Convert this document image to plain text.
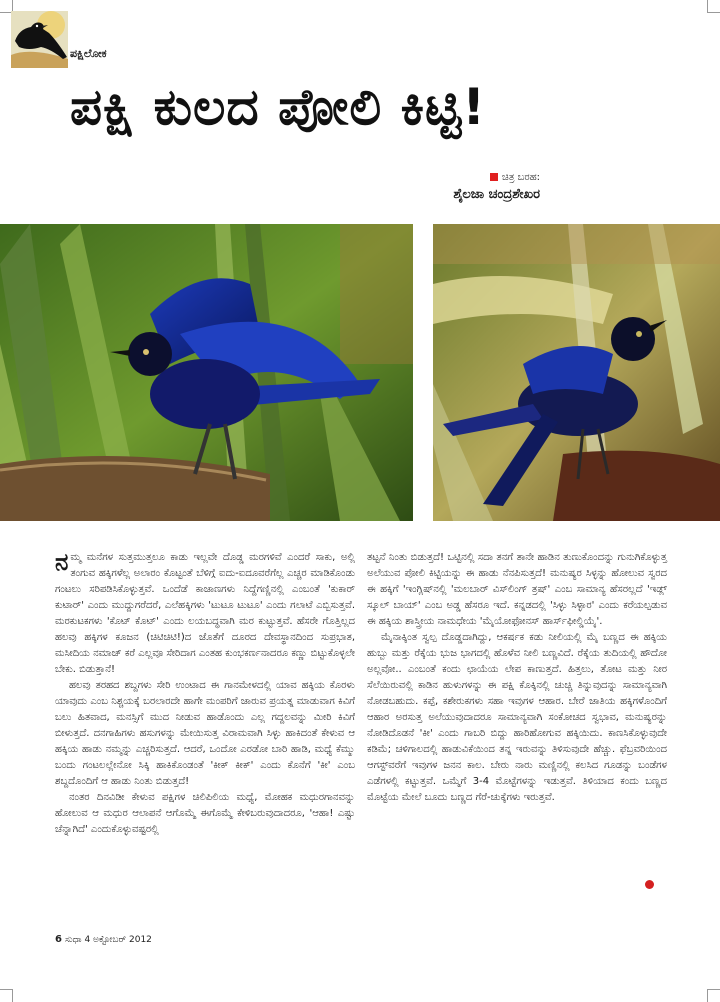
ಪಕ್ಷಿಲೋಕ
ಪಕ್ಷಿ ಕುಲದ ಪೋಲಿ ಕಿಟ್ಟಿ!
ಚಿತ್ರ ಬರಹ:
ಶೈಲಜಾ ಚಂದ್ರಶೇಖರ

ನಮ್ಮ ಮನೆಗಳ ಸುತ್ತಮುತ್ತಲೂ ಕಾಡು ಇಲ್ಲವೇ ದೊಡ್ಡ ಮರಗಳಿವೆ ಎಂದರೆ ಸಾಕು, ಅಲ್ಲಿ ತಂಗುವ ಹಕ್ಕಿಗಳೆಲ್ಲ ಅಲಾರಂ ಕೊಟ್ಟಂತೆ ಬೆಳಿಗ್ಗೆ ಐದು-ಐದೂವರೆಗೆಲ್ಲ ಎಚ್ಚರ ಮಾಡಿಕೊಂಡು ಗಂಟಲು ಸರಿಪಡಿಸಿಕೊಳ್ಳುತ್ತವೆ. ಒಂದೆಡೆ ಕಾಜಾಣಗಳು ನಿದ್ದೆಗಣ್ಣಿನಲ್ಲಿ ಎಂಬಂತೆ 'ಕುಕಾರ್ ಕುಟಾರ್' ಎಂದು ಮುದ್ದುಗರೆದರೆ, ಎಲೆಹಕ್ಕಿಗಳು 'ಟುಟೂ ಟುಟೂ' ಎಂದು ಗಲಾಟೆ ಎಬ್ಬಿಸುತ್ತವೆ. ಮರಕುಟಕಗಳು 'ಕೊಟ್ ಕೊಟ್' ಎಂದು ಲಯಬದ್ಧವಾಗಿ ಮರ ಕುಟ್ಟುತ್ತವೆ. ಹೆಸರೇ ಗೊತ್ತಿಲ್ಲದ ಹಲವು ಹಕ್ಕಿಗಳ ಕೂಜನ (ಚಿಟಿಚಿಟಿ!)ದ ಜೊತೆಗೆ ದೂರದ ದೇವಸ್ಥಾನದಿಂದ ಸುಪ್ರಭಾತ, ಮಸೀದಿಯ ನಮಾಜ್ ಕರೆ ಎಲ್ಲವೂ ಸೇರಿದಾಗ ಎಂತಹ ಕುಂಭಕರ್ಣನಾದರೂ ಕಣ್ಣು ಬಿಟ್ಟುಕೊಳ್ಳಲೇ ಬೇಕು. ಬಿಡುತ್ತಾನೆ!

ಹಲವು ತರಹದ ಶಬ್ದಗಳು ಸೇರಿ ಉಂಟಾದ ಈ ಗಾನಮೇಳದಲ್ಲಿ ಯಾವ ಹಕ್ಕಿಯ ಕೊರಳು ಯಾವುದು ಎಂಬ ನಿಶ್ಚಯಕ್ಕೆ ಬರಲಾರದೇ ಹಾಗೇ ಮಂಪರಿಗೆ ಜಾರುವ ಪ್ರಯತ್ನ ಮಾಡುವಾಗ ಕಿವಿಗೆ ಬಲು ಹಿತವಾದ, ಮನಸ್ಸಿಗೆ ಮುದ ನೀಡುವ ಹಾಡೊಂದು ಎಲ್ಲ ಗದ್ದಲವನ್ನು ಮೀರಿ ಕಿವಿಗೆ ಬೀಳುತ್ತದೆ. ದನಗಾಹಿಗಳು ಹಸುಗಳನ್ನು ಮೇಯಿಸುತ್ತ ವಿರಾಮವಾಗಿ ಸಿಳ್ಳು ಹಾಕಿದಂತೆ ಕೇಳುವ ಆ ಹಕ್ಕಿಯ ಹಾಡು ನಮ್ಮನ್ನು ಎಚ್ಚರಿಸುತ್ತದೆ. ಆದರೆ, ಒಂದೋ ಎರಡೋ ಬಾರಿ ಹಾಡಿ, ಮಧ್ಯೆ ಕೆಮ್ಮು ಬಂದು ಗಂಟಲಲ್ಲೇನೋ ಸಿಕ್ಕಿ ಹಾಕಿಕೊಂಡಂತೆ 'ಕೀಕ್ ಕೀಕ್' ಎಂದು ಕೊನೆಗೆ 'ಕೀ' ಎಂಬ ಶಬ್ದದೊಂದಿಗೆ ಆ ಹಾಡು ನಿಂತು ಬಿಡುತ್ತದೆ!

ನಂತರ ದಿನವಿಡೀ ಕೇಳುವ ಪಕ್ಷಿಗಳ ಚಿಲಿಪಿಲಿಯ ಮಧ್ಯೆ, ಮೋಹಕ ಮಧುರಗಾನವನ್ನು ಹೋಲುವ ಆ ಮಧುರ ಆಲಾಪನೆ ಆಗೊಮ್ಮೆ ಈಗೊಮ್ಮೆ ಕೇಳಿಬರುವುದಾದರೂ, 'ಆಹಾ! ಎಷ್ಟು ಚೆನ್ನಾಗಿದೆ' ಎಂದುಕೊಳ್ಳುವಷ್ಟರಲ್ಲಿ

ತಟ್ಟನೆ ನಿಂತು ಬಿಡುತ್ತದೆ! ಒಟ್ಟಿನಲ್ಲಿ ಸದಾ ತನಗೆ ತಾನೇ ಹಾಡಿನ ತುಣುಕೊಂದನ್ನು ಗುನುಗಿಕೊಳ್ಳುತ್ತ ಅಲೆಯುವ ಪೋಲಿ ಕಿಟ್ಟಿಯನ್ನು ಈ ಹಾಡು ನೆನಪಿಸುತ್ತದೆ! ಮನುಷ್ಯರ ಸಿಳ್ಳನ್ನು ಹೋಲುವ ಸ್ವರದ ಈ ಹಕ್ಕಿಗೆ 'ಇಂಗ್ಲಿಷ್‌ನಲ್ಲಿ 'ಮಲಬಾರ್ ವಿಸ್‌ಲಿಂಗ್ ತ್ರಷ್' ಎಂಬ ಸಾಮಾನ್ಯ ಹೆಸರಲ್ಲದೆ 'ಇಡ್ಲ್ ಸ್ಕೂಲ್ ಬಾಯ್' ಎಂಬ ಅಡ್ಡ ಹೆಸರೂ ಇದೆ. ಕನ್ನಡದಲ್ಲಿ 'ಸಿಳ್ಳು ಸಿಳ್ಳಾರ' ಎಂದು ಕರೆಯಲ್ಪಡುವ ಈ ಹಕ್ಕಿಯ ಶಾಸ್ತ್ರೀಯ ನಾಮಧೇಯ 'ಮೈಯೋಫೋನಸ್ ಹಾರ್ಸ್‌ಫೀಲ್ಡಿಯೈ'.

ಮೈನಾಕ್ಕಿಂತ ಸ್ವಲ್ಪ ದೊಡ್ಡದಾಗಿದ್ದು, ಆಕರ್ಷಕ ಕಡು ನೀಲಿಯಲ್ಲಿ ಮೈ ಬಣ್ಣದ ಈ ಹಕ್ಕಿಯ ಹುಬ್ಬು ಮತ್ತು ರೆಕ್ಕೆಯ ಭುಜ ಭಾಗದಲ್ಲಿ ಹೊಳೆವ ನೀಲಿ ಬಣ್ಣವಿದೆ. ರೆಕ್ಕೆಯ ತುದಿಯಲ್ಲಿ ಹೌದೋ ಅಲ್ಲವೋ.. ಎಂಬಂತೆ ಕಂದು ಛಾಯೆಯ ಲೇಪ ಕಾಣುತ್ತದೆ. ಹಿತ್ತಲು, ತೋಟ ಮತ್ತು ನೀರ ಸೆಲೆಯಿರುವಲ್ಲಿ ಕಾಡಿನ ಹುಳುಗಳನ್ನು ಈ ಪಕ್ಷಿ ಕೊಕ್ಕಿನಲ್ಲಿ ಚುಚ್ಚಿ ತಿನ್ನುವುದನ್ನು ಸಾಮಾನ್ಯವಾಗಿ ನೋಡಬಹುದು. ಕಪ್ಪೆ, ಕಶೇರುಕಗಳು ಸಹಾ ಇವುಗಳ ಆಹಾರ. ಬೇರೆ ಜಾತಿಯ ಹಕ್ಕಿಗಳೊಂದಿಗೆ ಆಹಾರ ಅರಸುತ್ತ ಅಲೆಯುವುದಾದರೂ ಸಾಮಾನ್ಯವಾಗಿ ಸಂಕೋಚದ ಸ್ವಭಾವ, ಮನುಷ್ಯರನ್ನು ನೋಡಿದೊಡನೆ 'ಕೀ' ಎಂದು ಗಾಬರಿ ಬಿದ್ದು ಹಾರಿಹೋಗುವ ಹಕ್ಕಿಯಿದು. ಕಾಣಸಿಕೊಳ್ಳುವುದೇ ಕಡಿಮೆ; ಚಳಿಗಾಲದಲ್ಲಿ ಹಾಡುವಿಕೆಯಿಂದ ತನ್ನ ಇರುವನ್ನು ತಿಳಿಸುವುದೇ ಹೆಚ್ಚು. ಫೆಬ್ರವರಿಯಿಂದ ಆಗಸ್ಟ್‌ವರೆಗೆ ಇವುಗಳ ಜನನ ಕಾಲ. ಬೇರು ನಾರು ಮಣ್ಣಿನಲ್ಲಿ ಕಲಸಿದ ಗೂಡನ್ನು ಬಂಡೆಗಳ ಎಡೆಗಳಲ್ಲಿ ಕಟ್ಟುತ್ತವೆ. ಒಮ್ಮೆಗೆ 3-4 ಮೊಟ್ಟೆಗಳನ್ನು ಇಡುತ್ತವೆ. ತಿಳಿಯಾದ ಕಂದು ಬಣ್ಣದ ಮೊಟ್ಟೆಯ ಮೇಲೆ ಬೂದು ಬಣ್ಣದ ಗೆರೆ-ಚುಕ್ಕೆಗಳು ಇರುತ್ತವೆ.

6 ಸುಧಾ 4 ಅಕ್ಟೋಬರ್ 2012
